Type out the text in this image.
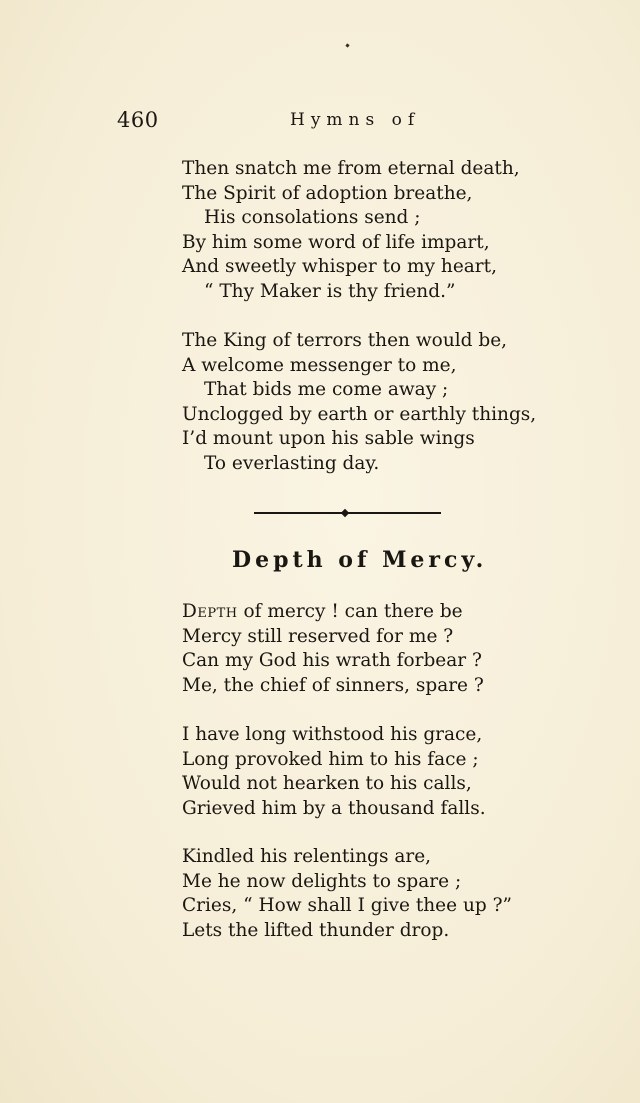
460	Hymns of
Then snatch me from eternal death,
The Spirit of adoption breathe,
His consolations send ;
By him some word of life impart,
And sweetly whisper to my heart,
“ Thy Maker is thy friend.”
The King of terrors then would be,
A welcome messenger to me,
That bids me come away ;
Unclogged by earth or earthly things,
I’d mount upon his sable wings
To everlasting day.
Depth of Mercy.
Depth of mercy ! can there be
Mercy still reserved for me ?
Can my God his wrath forbear ?
Me, the chief of sinners, spare ?
I have long withstood his grace,
Long provoked him to his face ;
Would not hearken to his calls,
Grieved him by a thousand falls.
Kindled his relentings are,
Me he now delights to spare ;
Cries, “ How shall I give thee up ?”
Lets the lifted thunder drop.
